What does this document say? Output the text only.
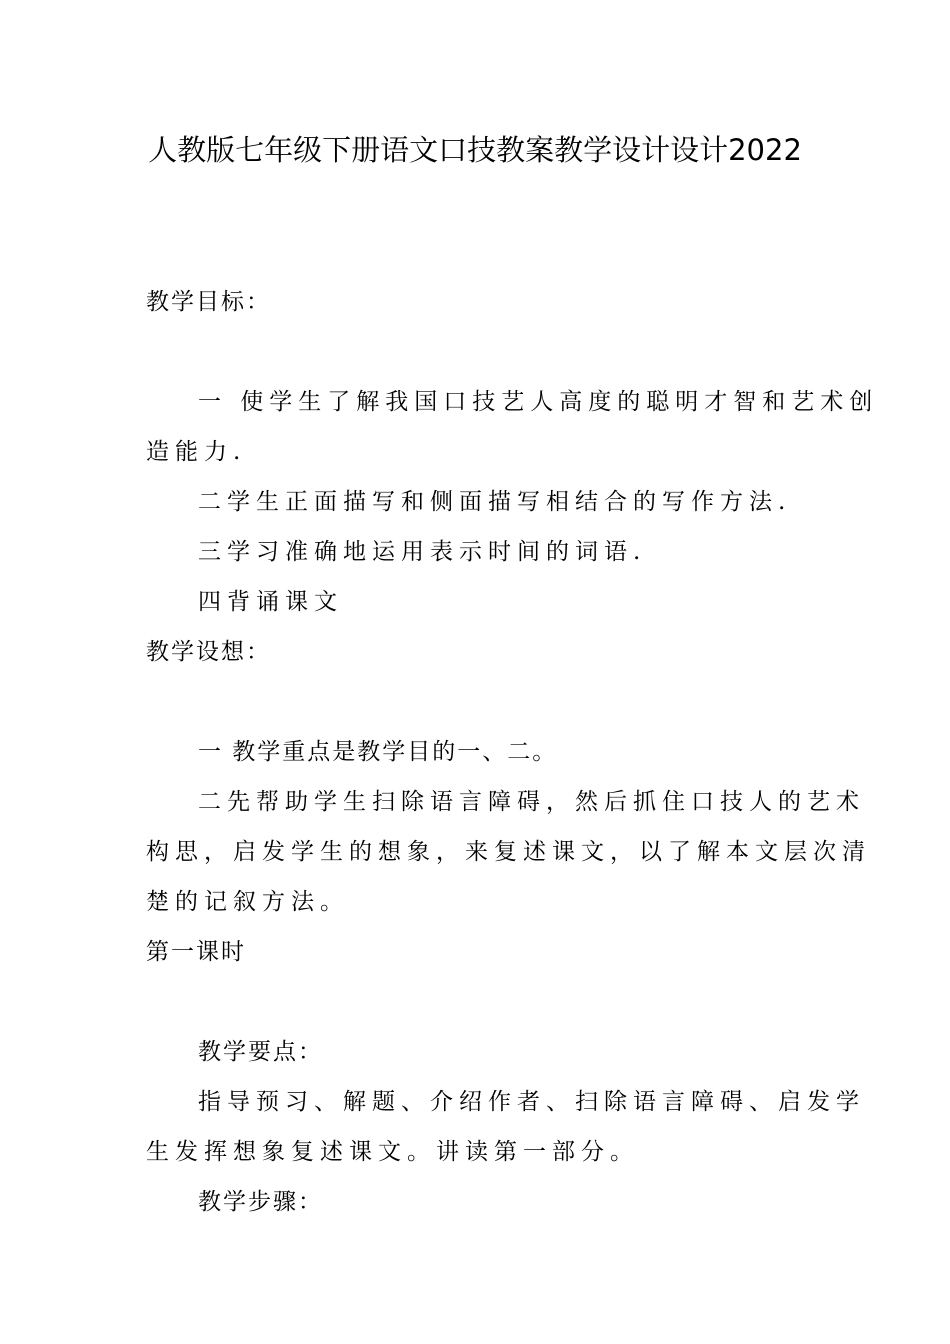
人教版七年级下册语文口技教案教学设计设计2022
教学目标：
一 使学生了解我国口技艺人高度的聪明才智和艺术创
造能力.
二学生正面描写和侧面描写相结合的写作方法.
三学习准确地运用表示时间的词语.
四背诵课文
教学设想：
一 教学重点是教学目的一、二。
二先帮助学生扫除语言障碍，然后抓住口技人的艺术
构思，启发学生的想象，来复述课文，以了解本文层次清
楚的记叙方法。
第一课时
教学要点：
指导预习、解题、介绍作者、扫除语言障碍、启发学
生发挥想象复述课文。讲读第一部分。
教学步骤：
